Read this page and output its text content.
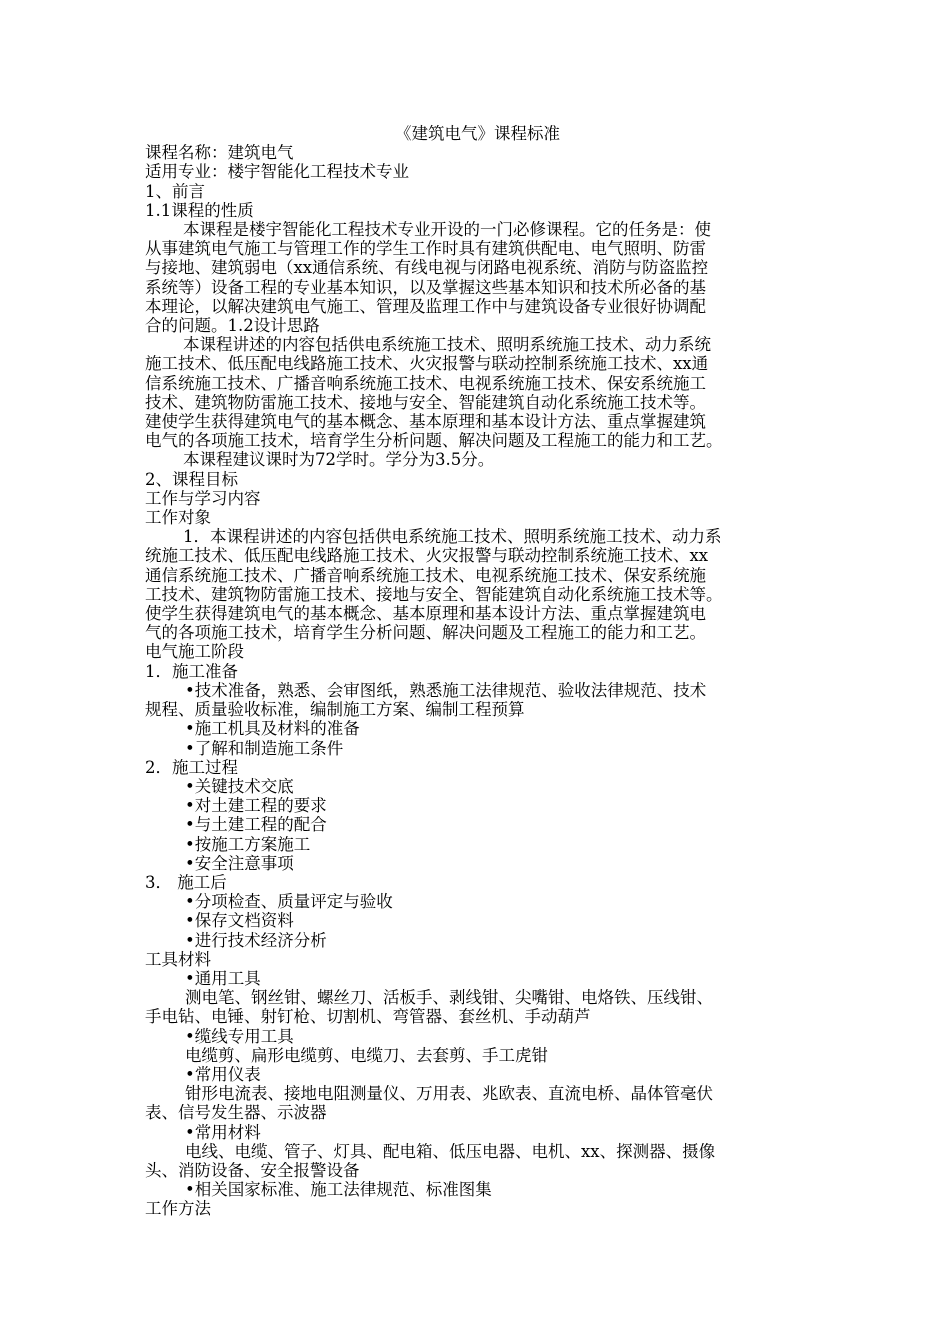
《建筑电气》课程标准
课程名称：建筑电气
适用专业：楼宇智能化工程技术专业
1、前言
1.1课程的性质
本课程是楼宇智能化工程技术专业开设的一门必修课程。它的任务是：使
从事建筑电气施工与管理工作的学生工作时具有建筑供配电、电气照明、防雷
与接地、建筑弱电（xx通信系统、有线电视与闭路电视系统、消防与防盗监控
系统等）设备工程的专业基本知识，以及掌握这些基本知识和技术所必备的基
本理论，以解决建筑电气施工、管理及监理工作中与建筑设备专业很好协调配
合的问题。1.2设计思路
本课程讲述的内容包括供电系统施工技术、照明系统施工技术、动力系统
施工技术、低压配电线路施工技术、火灾报警与联动控制系统施工技术、xx通
信系统施工技术、广播音响系统施工技术、电视系统施工技术、保安系统施工
技术、建筑物防雷施工技术、接地与安全、智能建筑自动化系统施工技术等。
建使学生获得建筑电气的基本概念、基本原理和基本设计方法、重点掌握建筑
电气的各项施工技术，培育学生分析问题、解决问题及工程施工的能力和工艺。
本课程建议课时为72学时。学分为3.5分。
2、课程目标
工作与学习内容
工作对象
1．本课程讲述的内容包括供电系统施工技术、照明系统施工技术、动力系
统施工技术、低压配电线路施工技术、火灾报警与联动控制系统施工技术、xx
通信系统施工技术、广播音响系统施工技术、电视系统施工技术、保安系统施
工技术、建筑物防雷施工技术、接地与安全、智能建筑自动化系统施工技术等。
使学生获得建筑电气的基本概念、基本原理和基本设计方法、重点掌握建筑电
气的各项施工技术，培育学生分析问题、解决问题及工程施工的能力和工艺。
电气施工阶段
1．施工准备
•技术准备，熟悉、会审图纸，熟悉施工法律规范、验收法律规范、技术
规程、质量验收标准，编制施工方案、编制工程预算
•施工机具及材料的准备
•了解和制造施工条件
2．施工过程
•关键技术交底
•对土建工程的要求
•与土建工程的配合
•按施工方案施工
•安全注意事项
3． 施工后
•分项检查、质量评定与验收
•保存文档资料
•进行技术经济分析
工具材料
•通用工具
测电笔、钢丝钳、螺丝刀、活板手、剥线钳、尖嘴钳、电烙铁、压线钳、
手电钻、电锤、射钉枪、切割机、弯管器、套丝机、手动葫芦
•缆线专用工具
电缆剪、扁形电缆剪、电缆刀、去套剪、手工虎钳
•常用仪表
钳形电流表、接地电阻测量仪、万用表、兆欧表、直流电桥、晶体管毫伏
表、信号发生器、示波器
•常用材料
电线、电缆、管子、灯具、配电箱、低压电器、电机、xx、探测器、摄像
头、消防设备、安全报警设备
•相关国家标准、施工法律规范、标准图集
工作方法
